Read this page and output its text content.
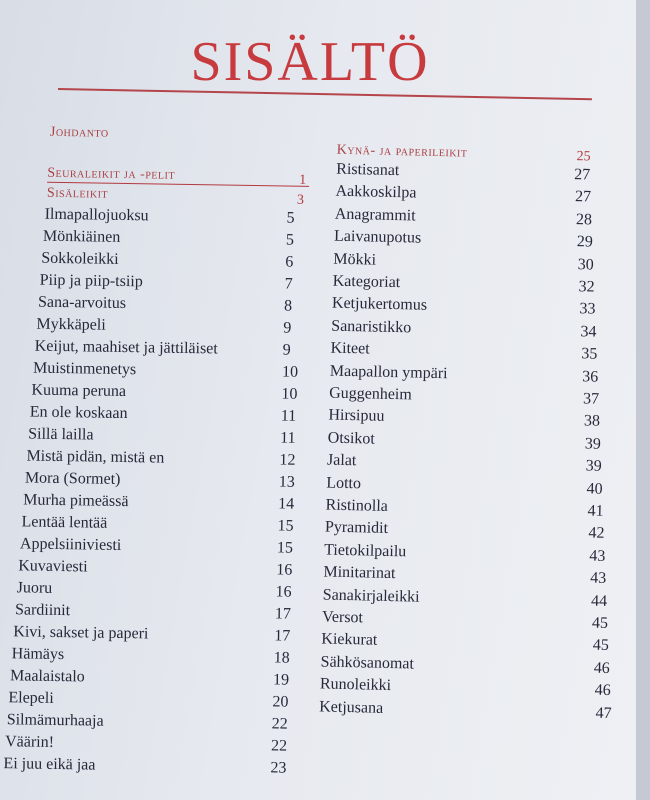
SISÄLTÖ
Johdanto
Seuraleikit ja -pelit	1
Sisäleikit	3
Ilmapallojuoksu	5
Mönkiäinen	5
Sokkoleikki	6
Piip ja piip-tsiip	7
Sana-arvoitus	8
Mykkäpeli	9
Keijut, maahiset ja jättiläiset	9
Muistinmenetys	10
Kuuma peruna	10
En ole koskaan	11
Sillä lailla	11
Mistä pidän, mistä en	12
Mora (Sormet)	13
Murha pimeässä	14
Lentää lentää	15
Appelsiiniviesti	15
Kuvaviesti	16
Juoru	16
Sardiinit	17
Kivi, sakset ja paperi	17
Hämäys	18
Maalaistalo	19
Elepeli	20
Silmämurhaaja	22
Väärin!	22
Ei juu eikä jaa	23
Kynä- ja paperileikit	25
Ristisanat	27
Aakkoskilpa	27
Anagrammit	28
Laivanupotus	29
Mökki	30
Kategoriat	32
Ketjukertomus	33
Sanaristikko	34
Kiteet	35
Maapallon ympäri	36
Guggenheim	37
Hirsipuu	38
Otsikot	39
Jalat	39
Lotto	40
Ristinolla	41
Pyramidit	42
Tietokilpailu	43
Minitarinat	43
Sanakirjaleikki	44
Versot	45
Kiekurat	45
Sähkösanomat	46
Runoleikki	46
Ketjusana	47
